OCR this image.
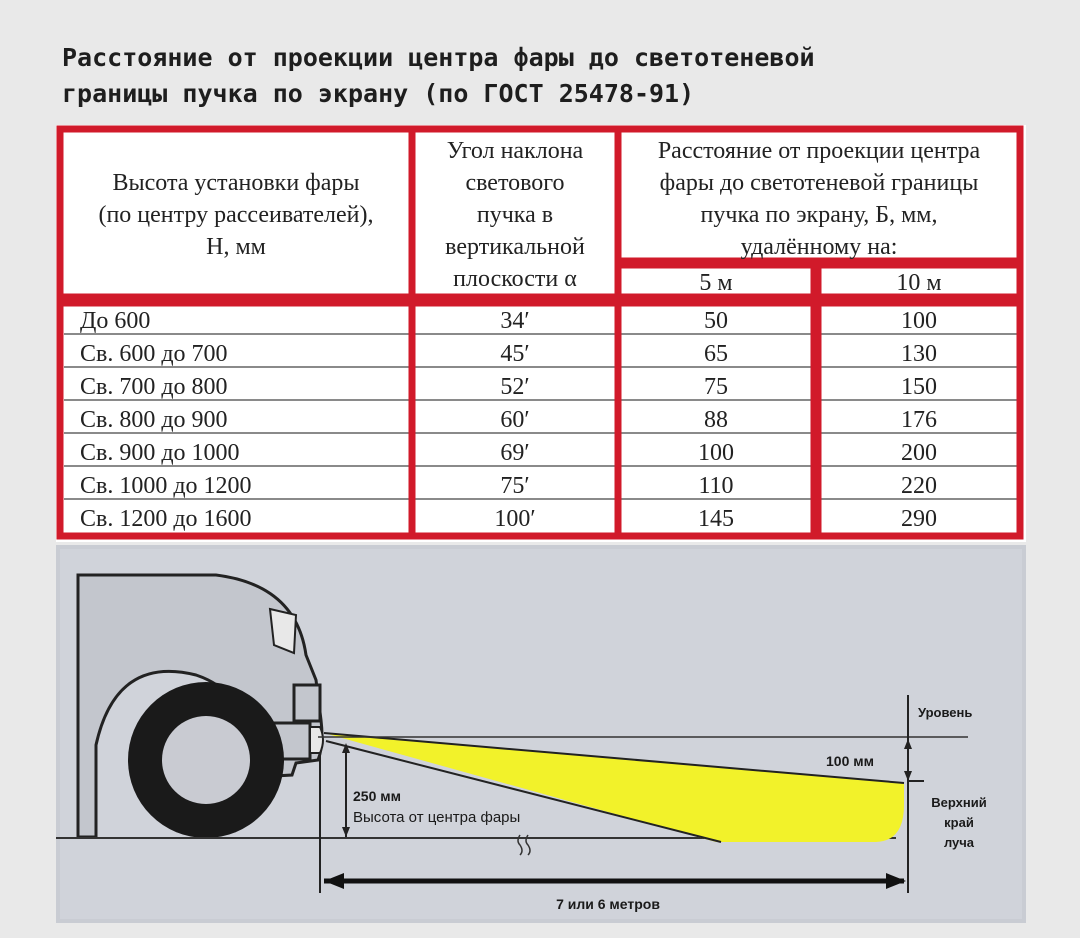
Расстояние от проекции центра фары до светотеневой
границы пучка по экрану (по ГОСТ 25478-91)
Высота установки фары
(по центру рассеивателей),
Н, мм
Угол наклона
светового
пучка в
вертикальной
плоскости α
Расстояние от проекции центра
фары до светотеневой границы
пучка по экрану, Б, мм,
удалённому на:
5 м	10 м
До 600	34′	50	100
Св. 600 до 700	45′	65	130
Св. 700 до 800	52′	75	150
Св. 800 до 900	60′	88	176
Св. 900 до 1000	69′	100	200
Св. 1000 до 1200	75′	110	220
Св. 1200 до 1600	100′	145	290
Уровень
100 мм
250 мм
Высота от центра фары
Верхний
край
луча
7 или 6 метров
